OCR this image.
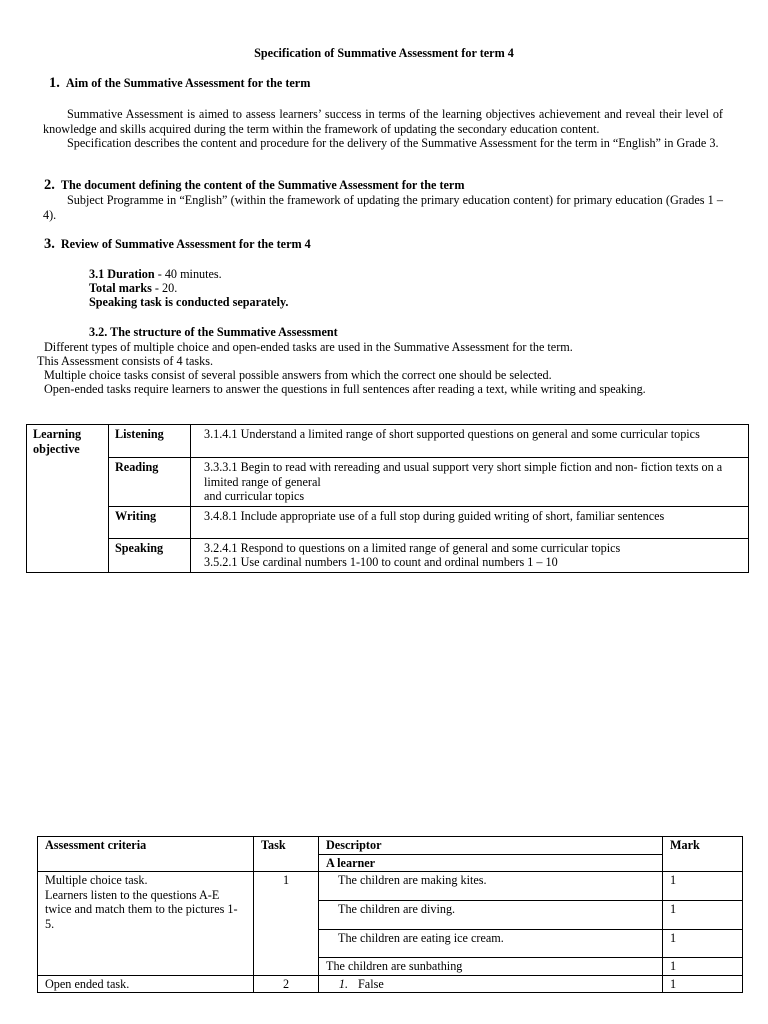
Specification of Summative Assessment for term 4
1. Aim of the Summative Assessment for the term

Summative Assessment is aimed to assess learners’ success in terms of the learning objectives achievement and reveal their level of knowledge and skills acquired during the term within the framework of updating the secondary education content.

Specification describes the content and procedure for the delivery of the Summative Assessment for the term in “English” in Grade 3.

2. The document defining the content of the Summative Assessment for the term

Subject Programme in “English” (within the framework of updating the primary education content) for primary education (Grades 1 – 4).

3. Review of Summative Assessment for the term 4
3.1 Duration - 40 minutes.
Total marks - 20.
Speaking task is conducted separately.
3.2. The structure of the Summative Assessment
Different types of multiple choice and open-ended tasks are used in the Summative Assessment for the term.
This Assessment consists of 4 tasks.
Multiple choice tasks consist of several possible answers from which the correct one should be selected.
Open-ended tasks require learners to answer the questions in full sentences after reading a text, while writing and speaking.
Learning objective	Listening	3.1.4.1 Understand a limited range of short supported questions on general and some curricular topics
	Reading	3.3.3.1 Begin to read with rereading and usual support very short simple fiction and non- fiction texts on a limited range of general
and curricular topics

	Writing	3.4.8.1 Include appropriate use of a full stop during guided writing of short, familiar sentences
	Speaking	3.2.4.1 Respond to questions on a limited range of general and some curricular topics
3.5.2.1 Use cardinal numbers 1-100 to count and ordinal numbers 1 – 10
Assessment criteria	Task	Descriptor	Mark
		A learner	
Multiple choice task.
Learners listen to the questions A-E twice and match them to the pictures 1-5.	1	The children are making kites.	1
		The children are diving.	1
		The children are eating ice cream.	1
		The children are sunbathing	1
Open ended task.	2	1. False	1
